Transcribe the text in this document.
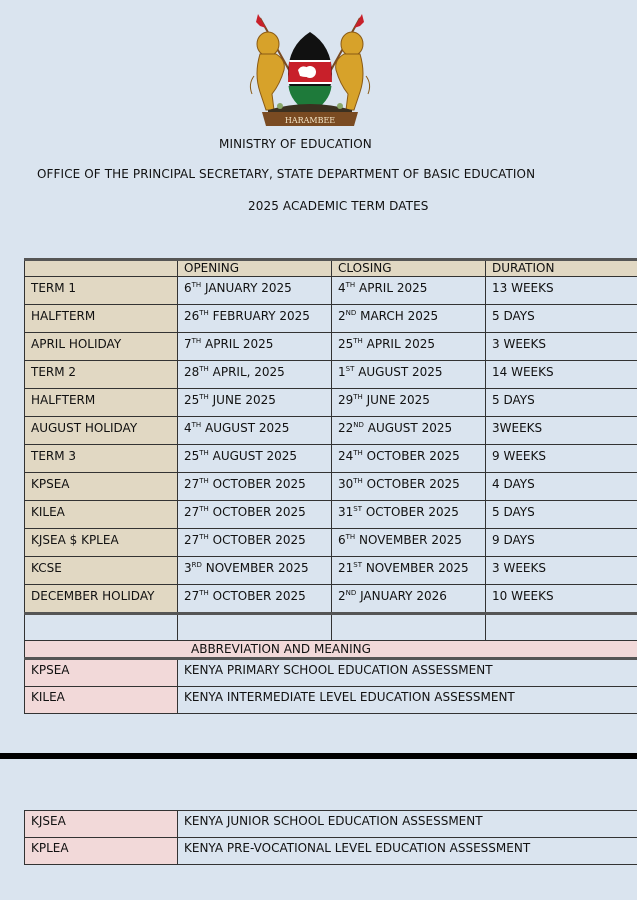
HARAMBEE
MINISTRY OF EDUCATION
OFFICE OF THE PRINCIPAL SECRETARY, STATE DEPARTMENT OF BASIC EDUCATION
2025 ACADEMIC TERM DATES
	OPENING	CLOSING	DURATION
TERM 1	6TH JANUARY 2025	4TH APRIL 2025	13 WEEKS
HALFTERM	26TH FEBRUARY 2025	2ND MARCH 2025	5 DAYS
APRIL HOLIDAY	7TH APRIL 2025	25TH APRIL 2025	3 WEEKS
TERM 2	28TH APRIL, 2025	1ST AUGUST 2025	14 WEEKS
HALFTERM	25TH JUNE 2025	29TH JUNE 2025	5 DAYS
AUGUST HOLIDAY	4TH AUGUST 2025	22ND AUGUST 2025	3WEEKS
TERM 3	25TH AUGUST 2025	24TH OCTOBER 2025	9 WEEKS
KPSEA	27TH OCTOBER 2025	30TH OCTOBER 2025	4 DAYS
KILEA	27TH OCTOBER 2025	31ST OCTOBER 2025	5 DAYS
KJSEA $ KPLEA	27TH OCTOBER 2025	6TH NOVEMBER 2025	9 DAYS
KCSE	3RD NOVEMBER 2025	21ST NOVEMBER 2025	3 WEEKS
DECEMBER HOLIDAY	27TH OCTOBER 2025	2ND JANUARY 2026	10 WEEKS

ABBREVIATION AND MEANING			
KPSEA	KENYA PRIMARY SCHOOL EDUCATION ASSESSMENT		
KILEA	KENYA INTERMEDIATE LEVEL EDUCATION ASSESSMENT		
KJSEA	KENYA JUNIOR SCHOOL EDUCATION ASSESSMENT
KPLEA	KENYA PRE-VOCATIONAL LEVEL EDUCATION ASSESSMENT
